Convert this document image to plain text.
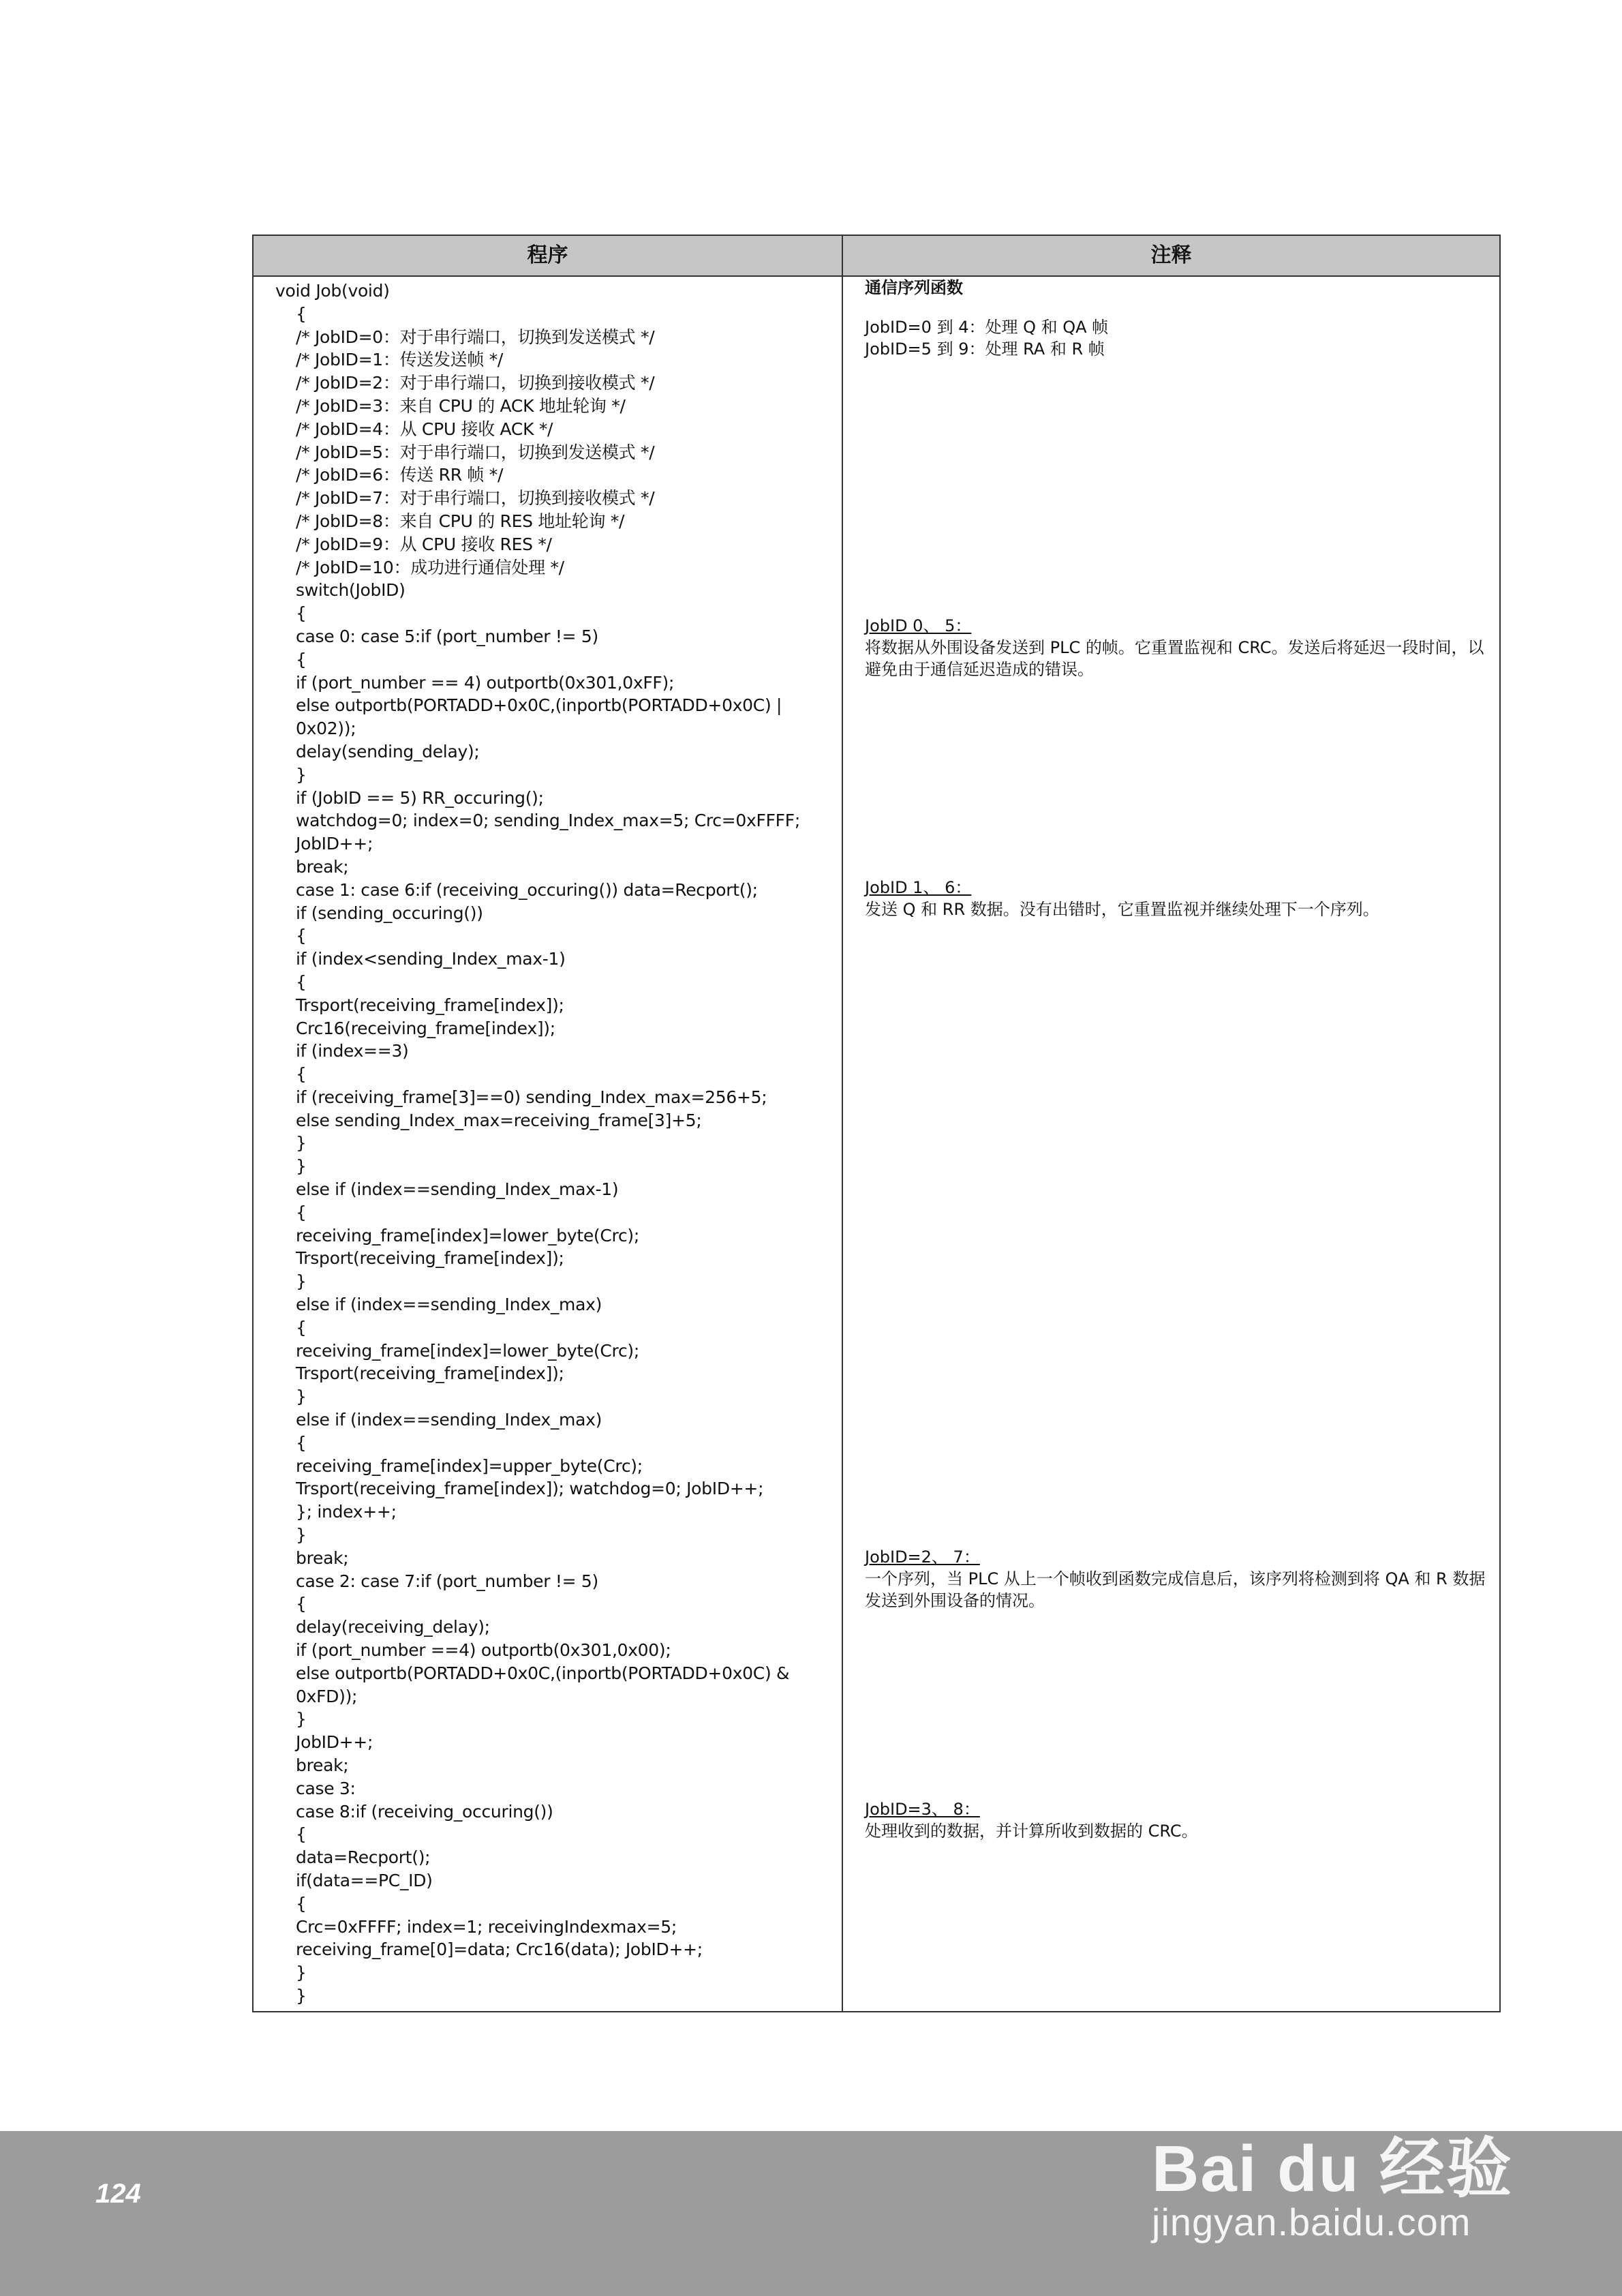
程序	注释
void Job(void)
{
/* JobID=0：对于串行端口，切换到发送模式 */
/* JobID=1：传送发送帧 */
/* JobID=2：对于串行端口，切换到接收模式 */
/* JobID=3：来自 CPU 的 ACK 地址轮询 */
/* JobID=4：从 CPU 接收 ACK */
/* JobID=5：对于串行端口，切换到发送模式 */
/* JobID=6：传送 RR 帧 */
/* JobID=7：对于串行端口，切换到接收模式 */
/* JobID=8：来自 CPU 的 RES 地址轮询 */
/* JobID=9：从 CPU 接收 RES */
/* JobID=10：成功进行通信处理 */
switch(JobID)
{
case 0: case 5:if (port_number != 5)
{
if (port_number == 4) outportb(0x301,0xFF);
else outportb(PORTADD+0x0C,(inportb(PORTADD+0x0C) |
0x02));
delay(sending_delay);
}
if (JobID == 5) RR_occuring();
watchdog=0; index=0; sending_Index_max=5; Crc=0xFFFF;
JobID++;
break;
case 1: case 6:if (receiving_occuring()) data=Recport();
if (sending_occuring())
{
if (index<sending_Index_max-1)
{
Trsport(receiving_frame[index]);
Crc16(receiving_frame[index]);
if (index==3)
{
if (receiving_frame[3]==0) sending_Index_max=256+5;
else sending_Index_max=receiving_frame[3]+5;
}
}
else if (index==sending_Index_max-1)
{
receiving_frame[index]=lower_byte(Crc);
Trsport(receiving_frame[index]);
}
else if (index==sending_Index_max)
{
receiving_frame[index]=lower_byte(Crc);
Trsport(receiving_frame[index]);
}
else if (index==sending_Index_max)
{
receiving_frame[index]=upper_byte(Crc);
Trsport(receiving_frame[index]); watchdog=0; JobID++;
}; index++;
}
break;
case 2: case 7:if (port_number != 5)
{
delay(receiving_delay);
if (port_number ==4) outportb(0x301,0x00);
else outportb(PORTADD+0x0C,(inportb(PORTADD+0x0C) &
0xFD));
}
JobID++;
break;
case 3:
case 8:if (receiving_occuring())
{
data=Recport();
if(data==PC_ID)
{
Crc=0xFFFF; index=1; receivingIndexmax=5;
receiving_frame[0]=data; Crc16(data); JobID++;
}
}
通信序列函数
JobID=0 到 4：处理 Q 和 QA 帧
JobID=5 到 9：处理 RA 和 R 帧
JobID 0、 5：
将数据从外围设备发送到 PLC 的帧。它重置监视和 CRC。发送后将延迟一段时间，以避免由于通信延迟造成的错误。
JobID 1、 6：
发送 Q 和 RR 数据。没有出错时，它重置监视并继续处理下一个序列。
JobID=2、 7：
一个序列，当 PLC 从上一个帧收到函数完成信息后，该序列将检测到将 QA 和 R 数据发送到外围设备的情况。
JobID=3、 8：
处理收到的数据，并计算所收到数据的 CRC。
124	Bai du 经验
jingyan.baidu.com
